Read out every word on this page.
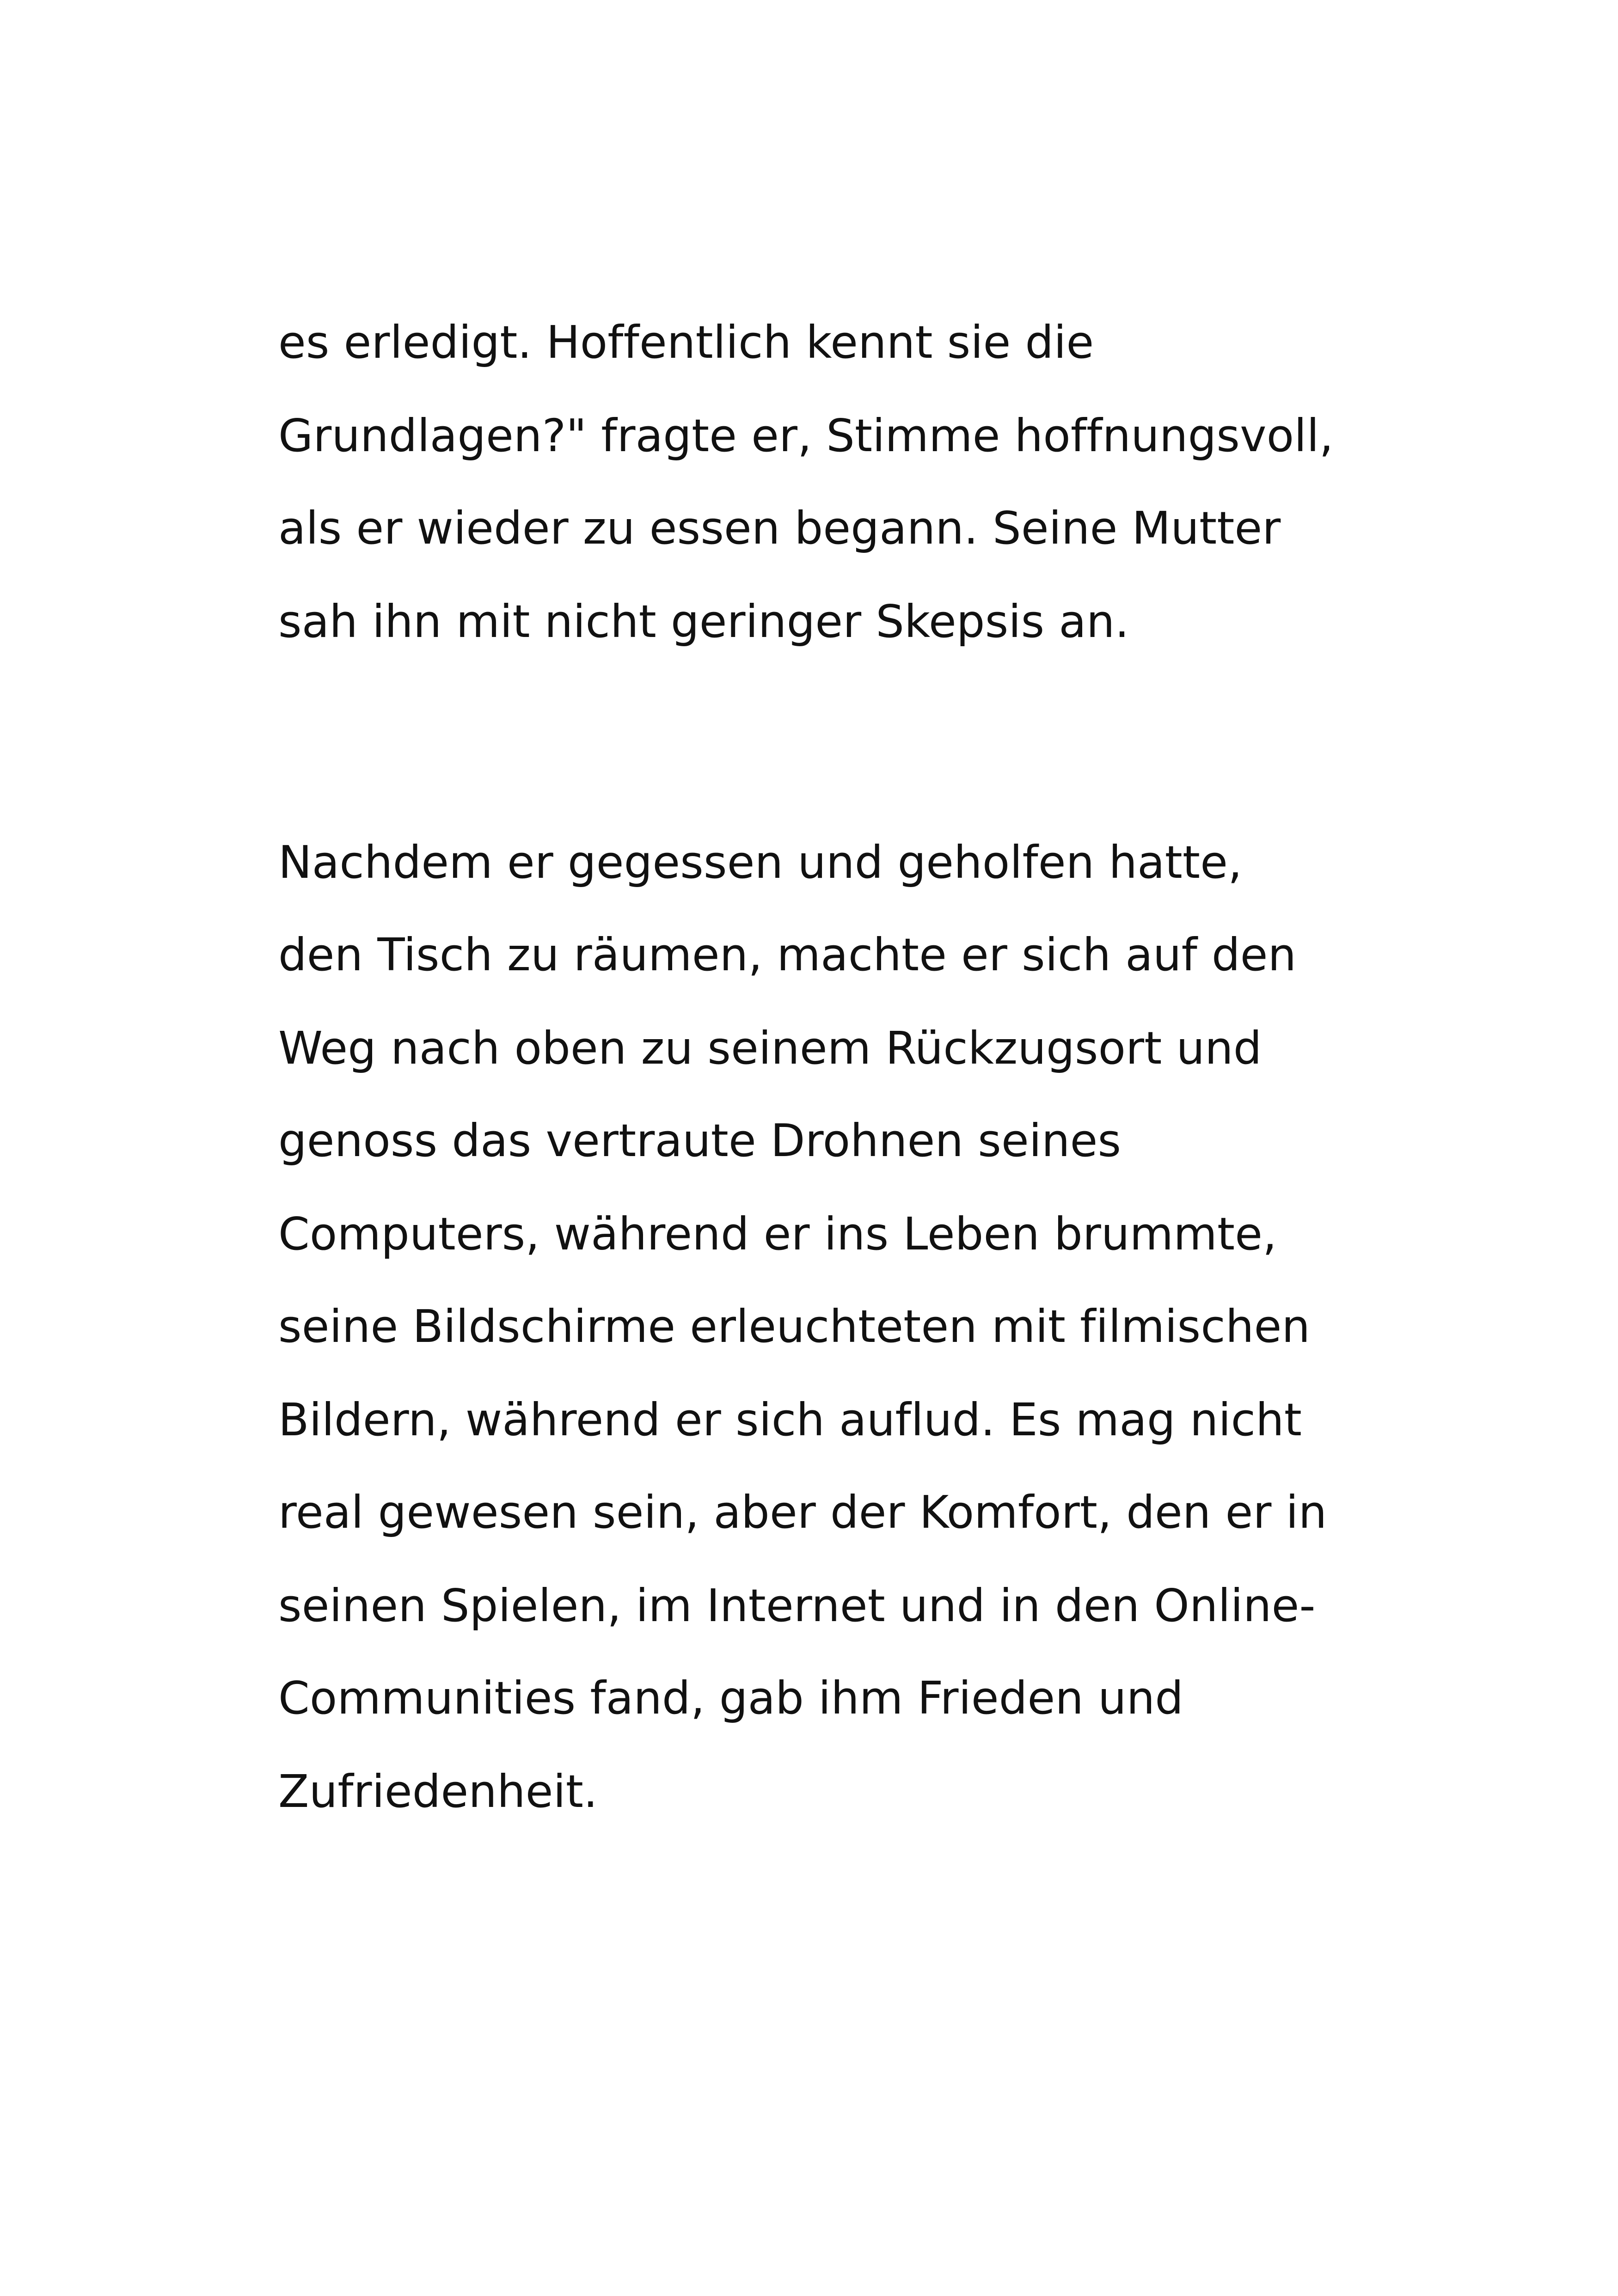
es erledigt. Hoffentlich kennt sie die
Grundlagen?" fragte er, Stimme hoffnungsvoll,
als er wieder zu essen begann. Seine Mutter
sah ihn mit nicht geringer Skepsis an.
Nachdem er gegessen und geholfen hatte,
den Tisch zu räumen, machte er sich auf den
Weg nach oben zu seinem Rückzugsort und
genoss das vertraute Drohnen seines
Computers, während er ins Leben brummte,
seine Bildschirme erleuchteten mit filmischen
Bildern, während er sich auflud. Es mag nicht
real gewesen sein, aber der Komfort, den er in
seinen Spielen, im Internet und in den Online-
Communities fand, gab ihm Frieden und
Zufriedenheit.
